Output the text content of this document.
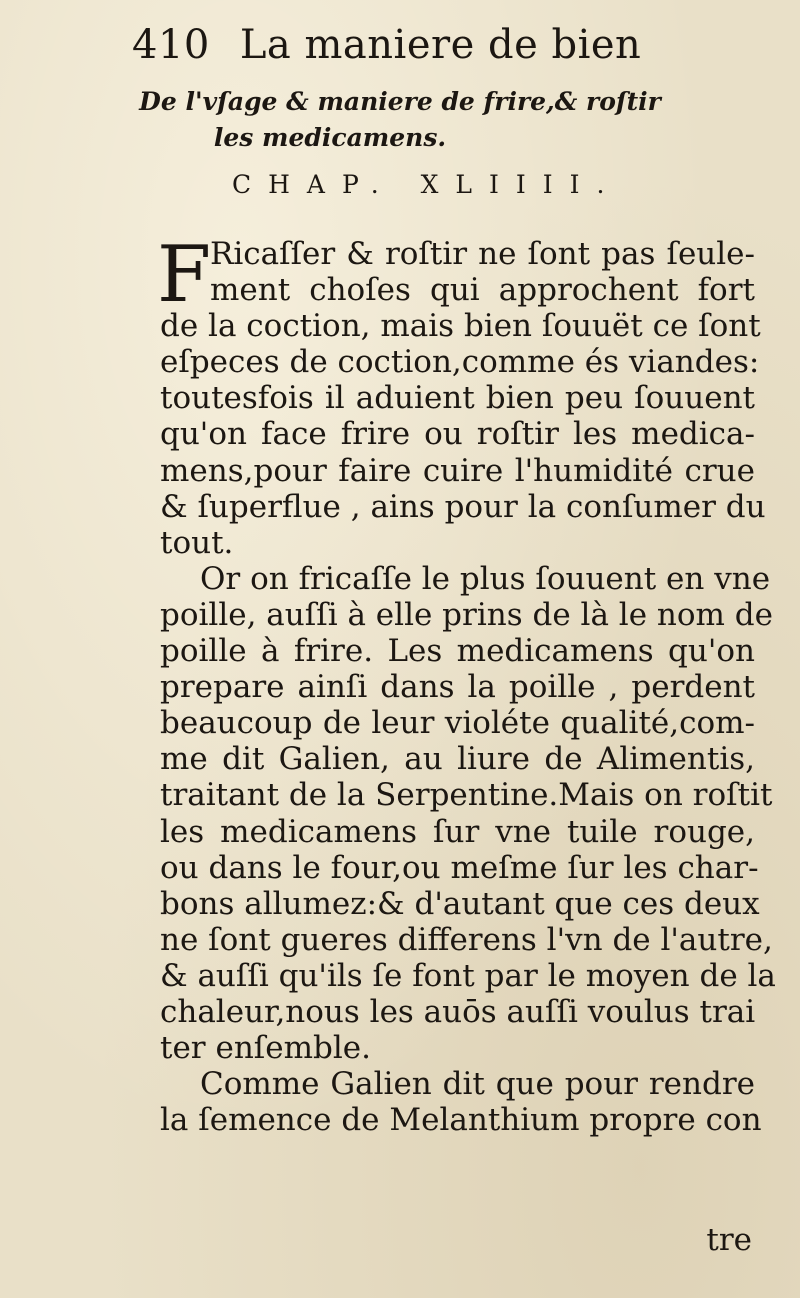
410 La maniere de bien
De l'vſage & maniere de frire,& roſtir
les medicamens.
CHAP. XLIIII.
F
Ricaſſer & roſtir ne ſont pas ſeule-
ment choſes qui approchent fort
de la coction, mais bien ſouuët ce ſont
eſpeces de coction,comme és viandes:
toutesfois il aduient bien peu ſouuent
qu'on face frire ou roſtir les medica-
mens,pour faire cuire l'humidité crue
& ſuperflue , ains pour la conſumer du
tout.
Or on fricaſſe le plus ſouuent en vne
poille, auſſi à elle prins de là le nom de
poille à frire. Les medicamens qu'on
prepare ainſi dans la poille , perdent
beaucoup de leur violéte qualité,com-
me dit Galien, au liure de Alimentis,
traitant de la Serpentine.Mais on roſtit
les medicamens ſur vne tuile rouge,
ou dans le four,ou meſme ſur les char-
bons allumez:& d'autant que ces deux
ne ſont gueres differens l'vn de l'autre,
& auſſi qu'ils ſe font par le moyen de la
chaleur,nous les auōs auſſi voulus trai
ter enſemble.
Comme Galien dit que pour rendre
la ſemence de Melanthium propre con
tre
